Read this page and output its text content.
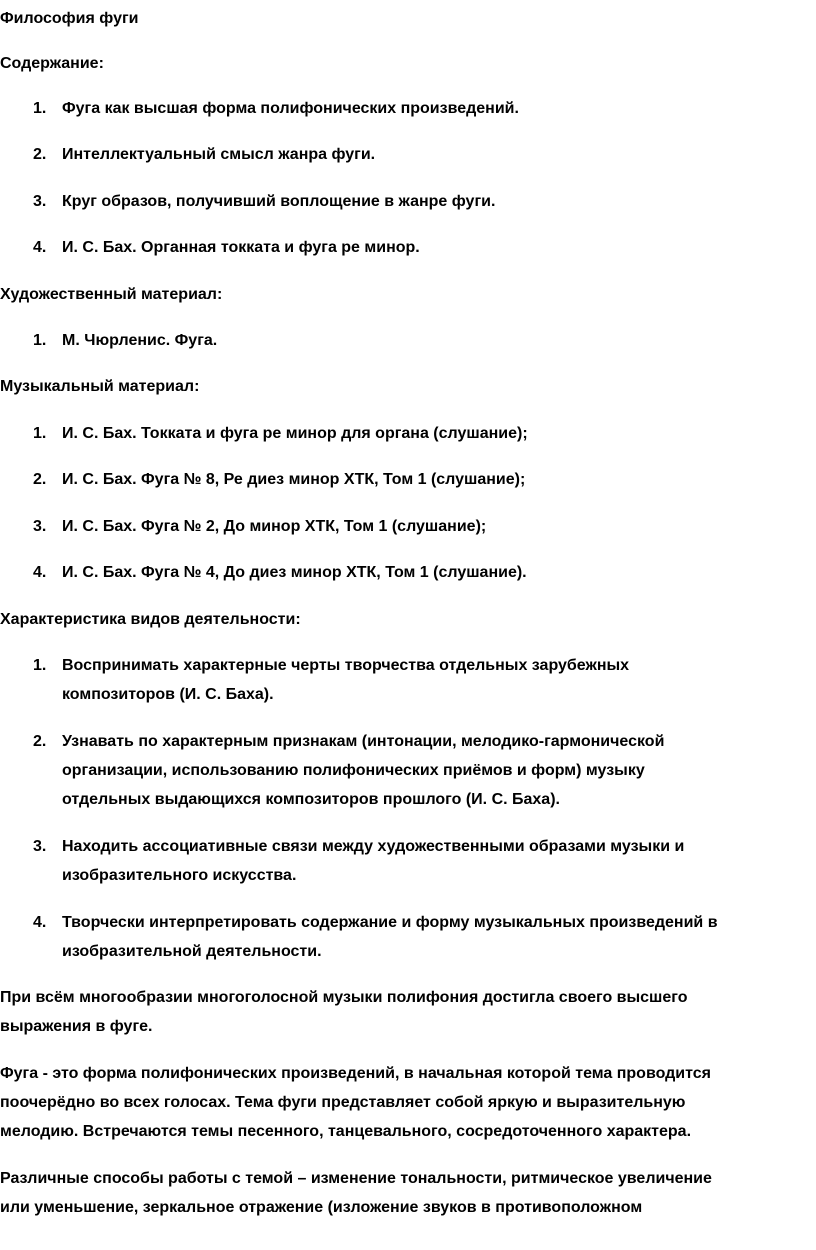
Философия фуги
Содержание:
1. Фуга как высшая форма полифонических произведений.
2. Интеллектуальный смысл жанра фуги.
3. Круг образов, получивший воплощение в жанре фуги.
4. И. С. Бах. Органная токката и фуга ре минор.
Художественный материал:
1. М. Чюрленис. Фуга.
Музыкальный материал:
1. И. С. Бах. Токката и фуга ре минор для органа (слушание);
2. И. С. Бах. Фуга № 8, Ре диез минор ХТК, Том 1 (слушание);
3. И. С. Бах. Фуга № 2, До минор ХТК, Том 1 (слушание);
4. И. С. Бах. Фуга № 4, До диез минор ХТК, Том 1 (слушание).
Характеристика видов деятельности:
1. Воспринимать характерные черты творчества отдельных зарубежных
композиторов (И. С. Баха).
2. Узнавать по характерным признакам (интонации, мелодико-гармонической
организации, использованию полифонических приёмов и форм) музыку
отдельных выдающихся композиторов прошлого (И. С. Баха).
3. Находить ассоциативные связи между художественными образами музыки и
изобразительного искусства.
4. Творчески интерпретировать содержание и форму музыкальных произведений в
изобразительной деятельности.
При всём многообразии многоголосной музыки полифония достигла своего высшего
выражения в фуге.
Фуга - это форма полифонических произведений, в начальная которой тема проводится
поочерёдно во всех голосах. Тема фуги представляет собой яркую и выразительную
мелодию. Встречаются темы песенного, танцевального, сосредоточенного характера.
Различные способы работы с темой – изменение тональности, ритмическое увеличение
или уменьшение, зеркальное отражение (изложение звуков в противоположном
